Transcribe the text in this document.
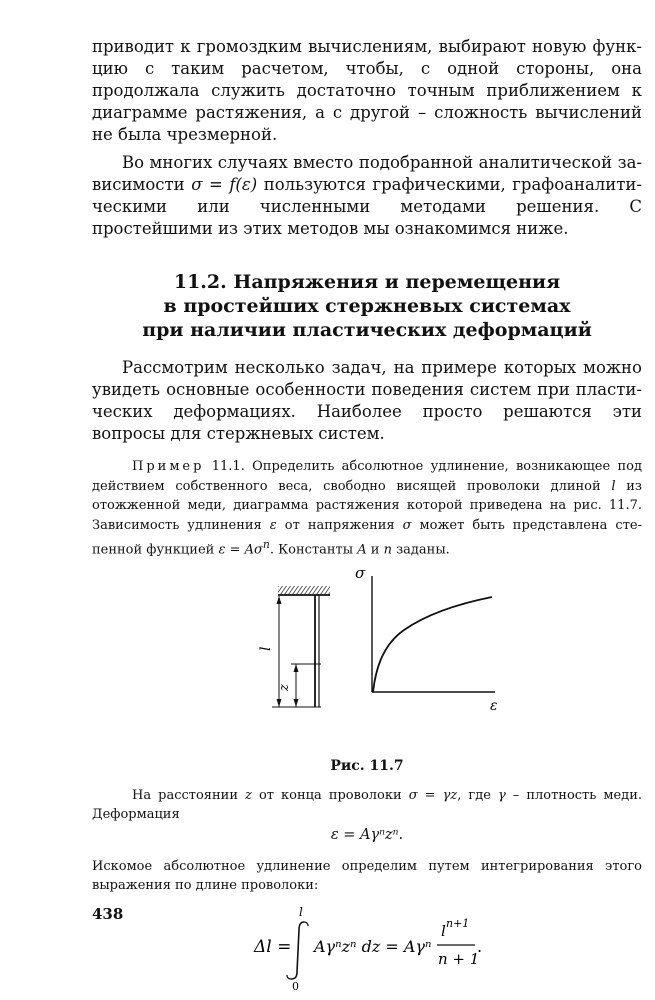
приводит к громоздким вычислениям, выбирают новую функцию с таким расчетом, чтобы, с одной стороны, она продолжала служить достаточно точным приближением к диаграмме растяжения, а с другой – сложность вычислений не была чрезмерной.

Во многих случаях вместо подобранной аналитической зависимости σ = f(ε) пользуются графическими, графоаналитическими или численными методами решения. С простейшими из этих методов мы ознакомимся ниже.

11.2. Напряжения и перемещения
в простейших стержневых системах
при наличии пластических деформаций

Рассмотрим несколько задач, на примере которых можно увидеть основные особенности поведения систем при пластических деформациях. Наиболее просто решаются эти вопросы для стержневых систем.

Пример 11.1. Определить абсолютное удлинение, возникающее под действием собственного веса, свободно висящей проволоки длиной l из отожженной меди, диаграмма растяжения которой приведена на рис. 11.7. Зависимость удлинения ε от напряжения σ может быть представлена степенной функцией $\varepsilon = A\sigma^n$. Константы A и n заданы.

l
z
σ
ε
Рис. 11.7

На расстоянии z от конца проволоки σ = γz, где γ – плотность меди. Деформация

ε = Aγⁿzⁿ.

Искомое абсолютное удлинение определим путем интегрирования этого выражения по длине проволоки:

Δl =
l
0
Aγⁿzⁿ dz = Aγⁿ
l n+1
n + 1
.
438
